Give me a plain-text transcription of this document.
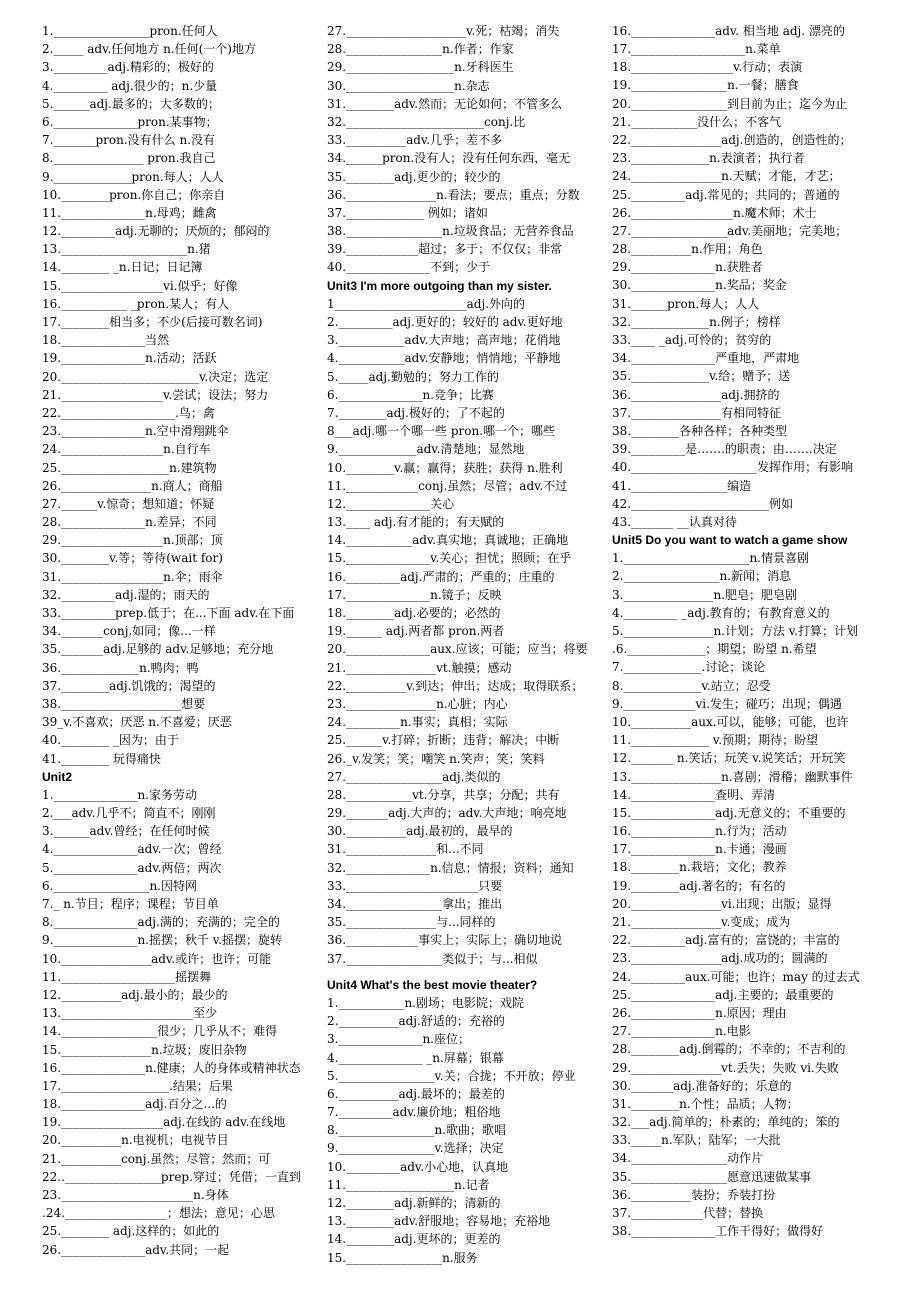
1.________________pron.任何人
2._____ adv.任何地方 n.任何(一个)地方
3._________adj.精彩的；极好的
4._________ adj.很少的；n.少量
5.______adj.最多的；大多数的；
6.______________pron.某事物；
7._______pron.没有什么 n.没有
8._______________ pron.我自己
9._____________pron.每人；人人
10.________pron.你自己；你亲自
11.______________n.母鸡；雌禽
12._________adj.无聊的；厌烦的；郁闷的
13._____________________n.猪
14.________ _n.日记；日记簿
15._________________vi.似乎；好像
16.___________ _pron.某人；有人
17.________相当多；不少(后接可数名词)
18.______________当然
19.______________n.活动；活跃
20._______________________v.决定；选定
21._________________v.尝试；设法；努力
22.___________________.鸟；禽
23.______________n.空中滑翔跳伞
24._________________n.自行车
25.__________________n.建筑物
26._______________n.商人；商船
27.______v.惊奇；想知道；怀疑
28.______________n.差异；不同
29._________________n.顶部；顶
30.________v.等；等待(wait for)
31._________________n.伞；雨伞
32._________adj.湿的；雨天的
33._________prep.低于；在...下面 adv.在下面
34._______conj.如同；像...一样
35._______adj.足够的 adv.足够地；充分地
36._____________n.鸭肉；鸭
37.________adj.饥饿的；渴望的
38.____________________想要
39_v.不喜欢；厌恶 n.不喜爱；厌恶
40.________ _因为；由于
41.________ 玩得痛快
Unit2
1.______________n.家务劳动
2.___adv.几乎不；简直不；刚刚
3.______adv.曾经；在任何时候
4.______________adv.一次；曾经
5.______________adv.两倍；两次
6.________________n.因特网
7._ n.节目；程序；课程；节目单
8.______________adj.满的；充满的；完全的
9.______________n.摇摆；秋千 v.摇摆；旋转
10._______________adv.或许；也许；可能
11.___________________摇摆舞
12.__________adj.最小的；最少的
13.______________________至少
14.________________很少；几乎从不；难得
15._______________n.垃圾；废旧杂物
16.______________n.健康；人的身体或精神状态
17.__________________.结果；后果
18.______________adj.百分之...的
19._________________adj.在线的 adv.在线地
20.__________n.电视机；电视节目
21.__________conj.虽然；尽管；然而；可
22..________________prep.穿过；凭借；一直到
23.______________________n.身体
.24._________________；想法；意见；心思
25.________ adj.这样的；如此的
26.______________adv.共同；一起
27.____________________v.死；枯竭；消失
28.________________n.作者；作家
29.__________________n.牙科医生
30.__________________n.杂志
31.________adv.然而；无论如何；不管多么
32._______________________conj.比
33.__________adv.几乎；差不多
34.______pron.没有人；没有任何东西，毫无
35.________adj.更少的；较少的
36._______________n.看法；要点；重点；分数
37._____________ 例如；诸如
38.________________n.垃圾食品；无营养食品
39.____________超过；多于；不仅仅；非常
40.______________不到；少于
Unit3 I'm more outgoing than my sister.
1______________________adj.外向的
2._________adj.更好的；较好的 adv.更好地
3.___________adv.大声地；高声地；花俏地
4.___________adv.安静地；悄悄地；平静地
5._____adj.勤勉的；努力工作的
6.______________n.竞争；比赛
7.________adj.极好的；了不起的
8___adj.哪一个哪一些 pron.哪一个；哪些
9._____________adv.清楚地；显然地
10.________v.赢；赢得；获胜；获得 n.胜利
11.____________conj.虽然；尽管；adv.不过
12.______________关心
13.____ adj.有才能的；有天赋的
14.___________adv.真实地；真诚地；正确地
15.______________v.关心；担忧；照顾；在乎
16._________adj.严肃的；严重的；庄重的
17.______________n.镜子；反映
18.________adj.必要的；必然的
19.______ adj.两者都 pron.两者
20.______________aux.应该；可能；应当；将要
21._______________vt.触摸；感动
22.__________v.到达；伸出；达成；取得联系；
23._______________n.心脏；内心
24._________n.事实；真相；实际
25.______v.打碎；折断；违背；解决；中断
26._v.发笑；笑；嘲笑 n.笑声；笑；笑料
27.________________adj.类似的
28.___________vt.分享，共享；分配；共有
29._______adj.大声的；adv.大声地；响亮地
30.__________adj.最初的，最早的
31._______________和...不同
32.______________n.信息；情报；资料；通知
33.______________________只要
34.________________拿出；推出
35._______________与...同样的
36.____________事实上；实际上；确切地说
37.________________类似于；与...相似
Unit4 What's the best movie theater?
1.___________n.剧场；电影院；戏院
2.__________adj.舒适的；充裕的
3.______________n.座位；
4.______________ _n.屏幕；银幕
5.________________v.关；合拢；不开放；停业
6.__________adj.最坏的；最差的
7._________adv.廉价地；粗俗地
8.________________n.歌曲；歌唱
9.________________v.选择；决定
10._________adv.小心地，认真地
11.__________________n.记者
12.________adj.新鲜的；清新的
13.________adv.舒服地；容易地；充裕地
14.________adj.更坏的；更差的
15.________________n.服务
16.______________adv. 相当地 adj. 漂亮的
17.___________________n.菜单
18._________________v.行动；表演
19.________________n.一餐；膳食
20.________________到目前为止；迄今为止
21.___________没什么；不客气
22._______________adj.创造的，创造性的；
23._____________n.表演者；执行者
24._______________n.天赋；才能，才艺；
25._________adj.常见的；共同的；普通的
26._________________n.魔术师；术士
27.________________adv.美丽地；完美地；
28.__________n.作用；角色
29.______________n.获胜者
30.______________n.奖品；奖金
31.______pron.每人；人人
32._____________n.例子；榜样
33.____ _adj.可怜的；贫穷的
34.______________严重地，严肃地
35._____________v.给；赠予；送
36._______________adj.拥挤的
37._______________有相同特征
38.________各种各样；各种类型
39._________是…….的职责；由…….决定
40._____________________发挥作用；有影响
41.________________编造
42._______________________例如
43._______ __认真对待
Unit5 Do you want to watch a game show
1._____________________n.情景喜剧
2.________________n.新闻；消息
3._______________n.肥皂；肥皂剧
4._________ _adj.教育的；有教育意义的
5._______________n.计划；方法 v.打算；计划
.6._____________；期望；盼望 n.希望
7._____________.讨论；谈论
8._____________v.站立；忍受
9.____________vi.发生；碰巧；出现；偶遇
10.__________aux.可以，能够；可能，也许
11._____________ v.预期；期待；盼望
12._______ n.笑话；玩笑 v.说笑话；开玩笑
13._______________n.喜剧；滑稽；幽默事件
14.______________查明、弄清
15.______________adj.无意义的；不重要的
16.______________n.行为；活动
17.______________n.卡通；漫画
18.________n.栽培；文化；教养
19.________adj.著名的；有名的
20._______________vi.出现；出版；显得
21._______________v.变成；成为
22._________adj.富有的；富饶的；丰富的
23._______________adj.成功的；圆满的
24._________aux.可能；也许；may 的过去式
25.______________adj.主要的；最重要的
26.______________n.原因；理由
27.______________n.电影
28.________adj.倒霉的；不幸的；不吉利的
29._______________vt.丢失；失败 vi.失败
30._______adj.准备好的；乐意的
31.________n.个性；品质；人物；
32.___adj.简单的；朴素的；单纯的；笨的
33._____n.军队；陆军；一大批
34.________________动作片
35.________________愿意迅速做某事
36.__________装扮；乔装打扮
37.____________代替；替换
38.______________工作干得好；做得好
